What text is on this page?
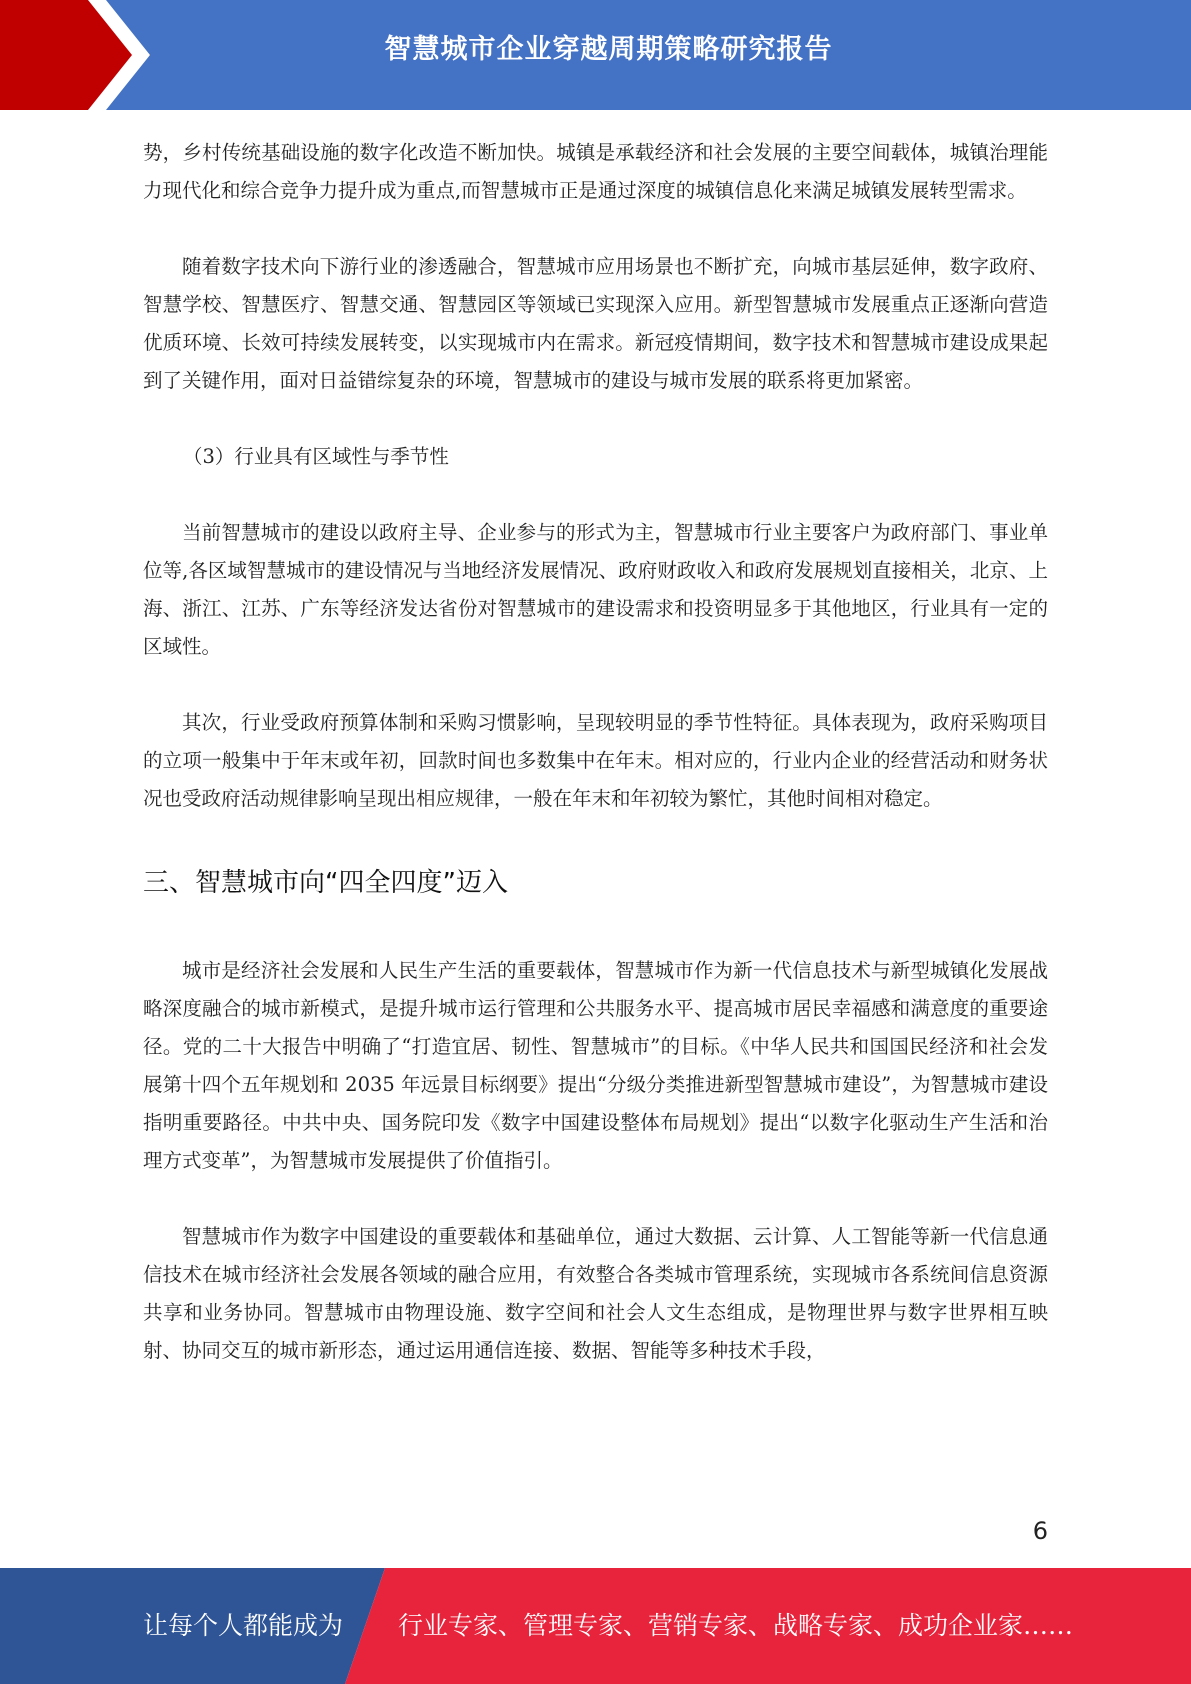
智慧城市企业穿越周期策略研究报告

势，乡村传统基础设施的数字化改造不断加快。城镇是承载经济和社会发展的主要空间载体，城镇治理能力现代化和综合竞争力提升成为重点,而智慧城市正是通过深度的城镇信息化来满足城镇发展转型需求。

随着数字技术向下游行业的渗透融合，智慧城市应用场景也不断扩充，向城市基层延伸，数字政府、智慧学校、智慧医疗、智慧交通、智慧园区等领域已实现深入应用。新型智慧城市发展重点正逐渐向营造优质环境、长效可持续发展转变，以实现城市内在需求。新冠疫情期间，数字技术和智慧城市建设成果起到了关键作用，面对日益错综复杂的环境，智慧城市的建设与城市发展的联系将更加紧密。

（3）行业具有区域性与季节性

当前智慧城市的建设以政府主导、企业参与的形式为主，智慧城市行业主要客户为政府部门、事业单位等,各区域智慧城市的建设情况与当地经济发展情况、政府财政收入和政府发展规划直接相关，北京、上海、浙江、江苏、广东等经济发达省份对智慧城市的建设需求和投资明显多于其他地区，行业具有一定的区域性。

其次，行业受政府预算体制和采购习惯影响，呈现较明显的季节性特征。具体表现为，政府采购项目的立项一般集中于年末或年初，回款时间也多数集中在年末。相对应的，行业内企业的经营活动和财务状况也受政府活动规律影响呈现出相应规律，一般在年末和年初较为繁忙，其他时间相对稳定。

三、智慧城市向“四全四度”迈入

城市是经济社会发展和人民生产生活的重要载体，智慧城市作为新一代信息技术与新型城镇化发展战略深度融合的城市新模式，是提升城市运行管理和公共服务水平、提高城市居民幸福感和满意度的重要途径。党的二十大报告中明确了“打造宜居、韧性、智慧城市”的目标。《中华人民共和国国民经济和社会发展第十四个五年规划和 2035 年远景目标纲要》提出“分级分类推进新型智慧城市建设”，为智慧城市建设指明重要路径。中共中央、国务院印发《数字中国建设整体布局规划》提出“以数字化驱动生产生活和治理方式变革”，为智慧城市发展提供了价值指引。

智慧城市作为数字中国建设的重要载体和基础单位，通过大数据、云计算、人工智能等新一代信息通信技术在城市经济社会发展各领域的融合应用，有效整合各类城市管理系统，实现城市各系统间信息资源共享和业务协同。智慧城市由物理设施、数字空间和社会人文生态组成，是物理世界与数字世界相互映射、协同交互的城市新形态，通过运用通信连接、数据、智能等多种技术手段，

6
让每个人都能成为 行业专家、管理专家、营销专家、战略专家、成功企业家……
